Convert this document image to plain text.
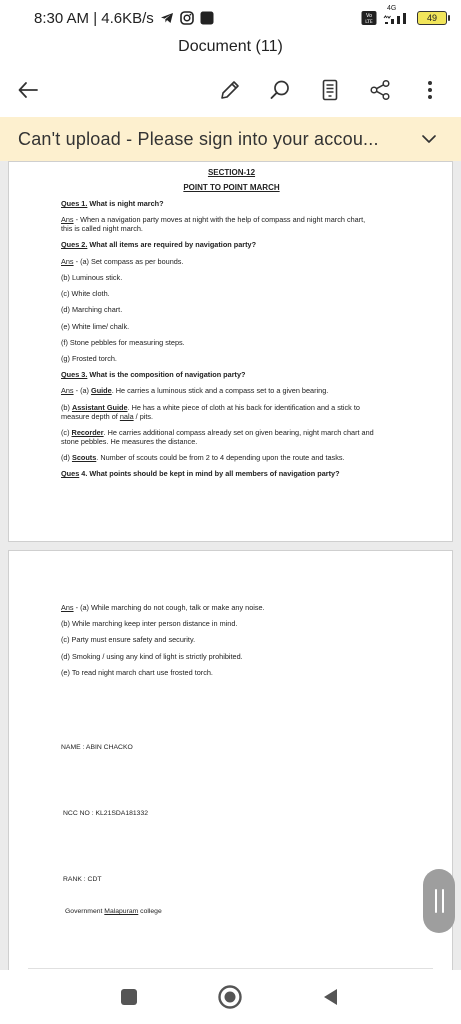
8:30 AM | 4.6KB/s	Vo
LTE
4G
49
Document (11)
Can't upload - Please sign into your accou...
SECTION-12
POINT TO POINT MARCH
Ques 1. What is night march?
Ans - When a navigation party moves at night with the help of compass and night march chart,
this is called night march.
Ques 2. What all items are required by navigation party?
Ans - (a) Set compass as per bounds.
(b) Luminous stick.
(c) White cloth.
(d) Marching chart.
(e) White lime/ chalk.
(f) Stone pebbles for measuring steps.
(g) Frosted torch.
Ques 3. What is the composition of navigation party?
Ans - (a) Guide. He carries a luminous stick and a compass set to a given bearing.
(b) Assistant Guide. He has a white piece of cloth at his back for identification and a stick to
measure depth of nala / pits.
(c) Recorder. He carries additional compass already set on given bearing, night march chart and
stone pebbles. He measures the distance.
(d) Scouts. Number of scouts could be from 2 to 4 depending upon the route and tasks.
Ques 4. What points should be kept in mind by all members of navigation party?
Ans - (a) While marching do not cough, talk or make any noise.
(b) While marching keep inter person distance in mind.
(c) Party must ensure safety and security.
(d) Smoking / using any kind of light is strictly prohibited.
(e) To read night march chart use frosted torch.
NAME : ABIN CHACKO
NCC NO : KL21SDA181332
RANK : CDT
Government Malapuram college
